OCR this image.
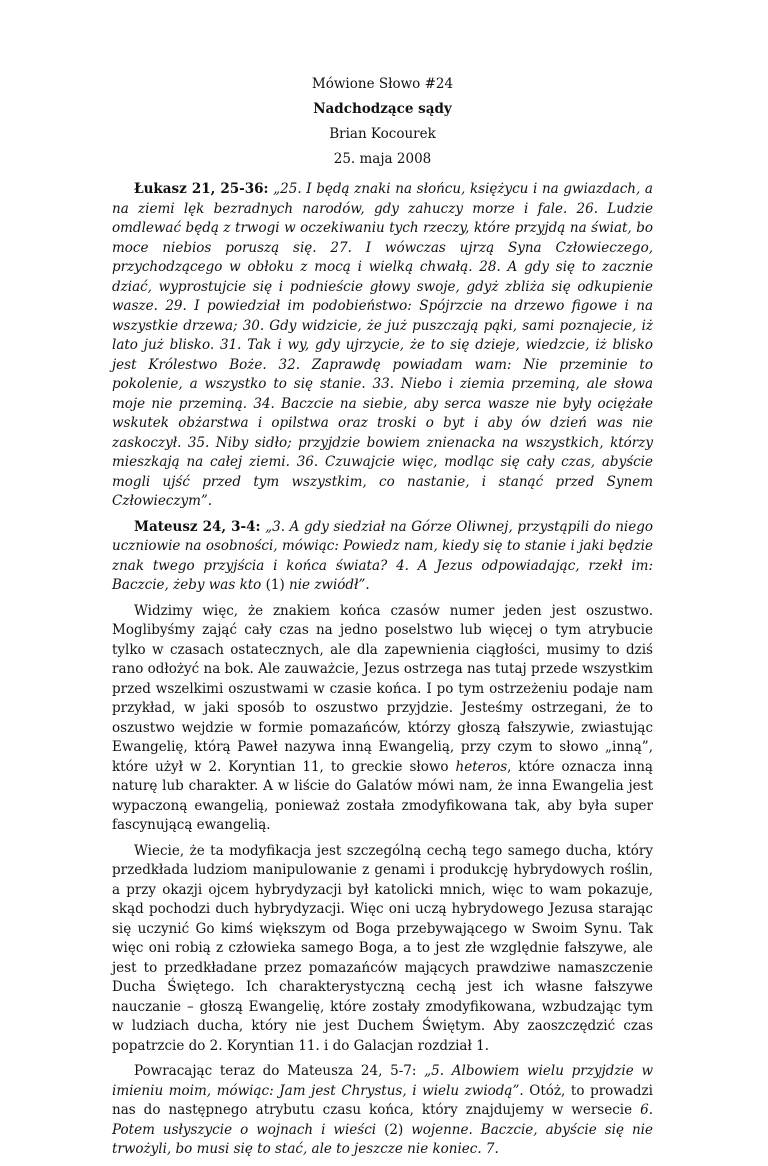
Mówione Słowo #24
Nadchodzące sądy
Brian Kocourek
25. maja 2008

Łukasz 21, 25-36: „25. I będą znaki na słońcu, księżycu i na gwiazdach, a na ziemi lęk bezradnych narodów, gdy zahuczy morze i fale. 26. Ludzie omdlewać będą z trwogi w oczekiwaniu tych rzeczy, które przyjdą na świat, bo moce niebios poruszą się. 27. I wówczas ujrzą Syna Człowieczego, przychodzącego w obłoku z mocą i wielką chwałą. 28. A gdy się to zacznie dziać, wyprostujcie się i podnieście głowy swoje, gdyż zbliża się odkupienie wasze. 29. I powiedział im podobieństwo: Spójrzcie na drzewo figowe i na wszystkie drzewa; 30. Gdy widzicie, że już puszczają pąki, sami poznajecie, iż lato już blisko. 31. Tak i wy, gdy ujrzycie, że to się dzieje, wiedzcie, iż blisko jest Królestwo Boże. 32. Zaprawdę powiadam wam: Nie przeminie to pokolenie, a wszystko to się stanie. 33. Niebo i ziemia przeminą, ale słowa moje nie przeminą. 34. Baczcie na siebie, aby serca wasze nie były ociężałe wskutek obżarstwa i opilstwa oraz troski o byt i aby ów dzień was nie zaskoczył. 35. Niby sidło; przyjdzie bowiem znienacka na wszystkich, którzy mieszkają na całej ziemi. 36. Czuwajcie więc, modląc się cały czas, abyście mogli ujść przed tym wszystkim, co nastanie, i stanąć przed Synem Człowieczym”.

Mateusz 24, 3-4: „3. A gdy siedział na Górze Oliwnej, przystąpili do niego uczniowie na osobności, mówiąc: Powiedz nam, kiedy się to stanie i jaki będzie znak twego przyjścia i końca świata? 4. A Jezus odpowiadając, rzekł im: Baczcie, żeby was kto (1) nie zwiódł”.

Widzimy więc, że znakiem końca czasów numer jeden jest oszustwo. Moglibyśmy zająć cały czas na jedno poselstwo lub więcej o tym atrybucie tylko w czasach ostatecznych, ale dla zapewnienia ciągłości, musimy to dziś rano odłożyć na bok. Ale zauważcie, Jezus ostrzega nas tutaj przede wszystkim przed wszelkimi oszustwami w czasie końca. I po tym ostrzeżeniu podaje nam przykład, w jaki sposób to oszustwo przyjdzie. Jesteśmy ostrzegani, że to oszustwo wejdzie w formie pomazańców, którzy głoszą fałszywie, zwiastując Ewangelię, którą Paweł nazywa inną Ewangelią, przy czym to słowo „inną”, które użył w 2. Koryntian 11, to greckie słowo heteros, które oznacza inną naturę lub charakter. A w liście do Galatów mówi nam, że inna Ewangelia jest wypaczoną ewangelią, ponieważ została zmodyfikowana tak, aby była super fascynującą ewangelią.

Wiecie, że ta modyfikacja jest szczególną cechą tego samego ducha, który przedkłada ludziom manipulowanie z genami i produkcję hybrydowych roślin, a przy okazji ojcem hybrydyzacji był katolicki mnich, więc to wam pokazuje, skąd pochodzi duch hybrydyzacji. Więc oni uczą hybrydowego Jezusa starając się uczynić Go kimś większym od Boga przebywającego w Swoim Synu. Tak więc oni robią z człowieka samego Boga, a to jest złe względnie fałszywe, ale jest to przedkładane przez pomazańców mających prawdziwe namaszczenie Ducha Świętego. Ich charakterystyczną cechą jest ich własne fałszywe nauczanie – głoszą Ewangelię, które zostały zmodyfikowana, wzbudzając tym w ludziach ducha, który nie jest Duchem Świętym. Aby zaoszczędzić czas popatrzcie do 2. Koryntian 11. i do Galacjan rozdział 1.

Powracając teraz do Mateusza 24, 5-7: „5. Albowiem wielu przyjdzie w imieniu moim, mówiąc: Jam jest Chrystus, i wielu zwiodą”. Otóż, to prowadzi nas do następnego atrybutu czasu końca, który znajdujemy w wersecie 6. Potem usłyszycie o wojnach i wieści (2) wojenne. Baczcie, abyście się nie trwożyli, bo musi się to stać, ale to jeszcze nie koniec. 7.
